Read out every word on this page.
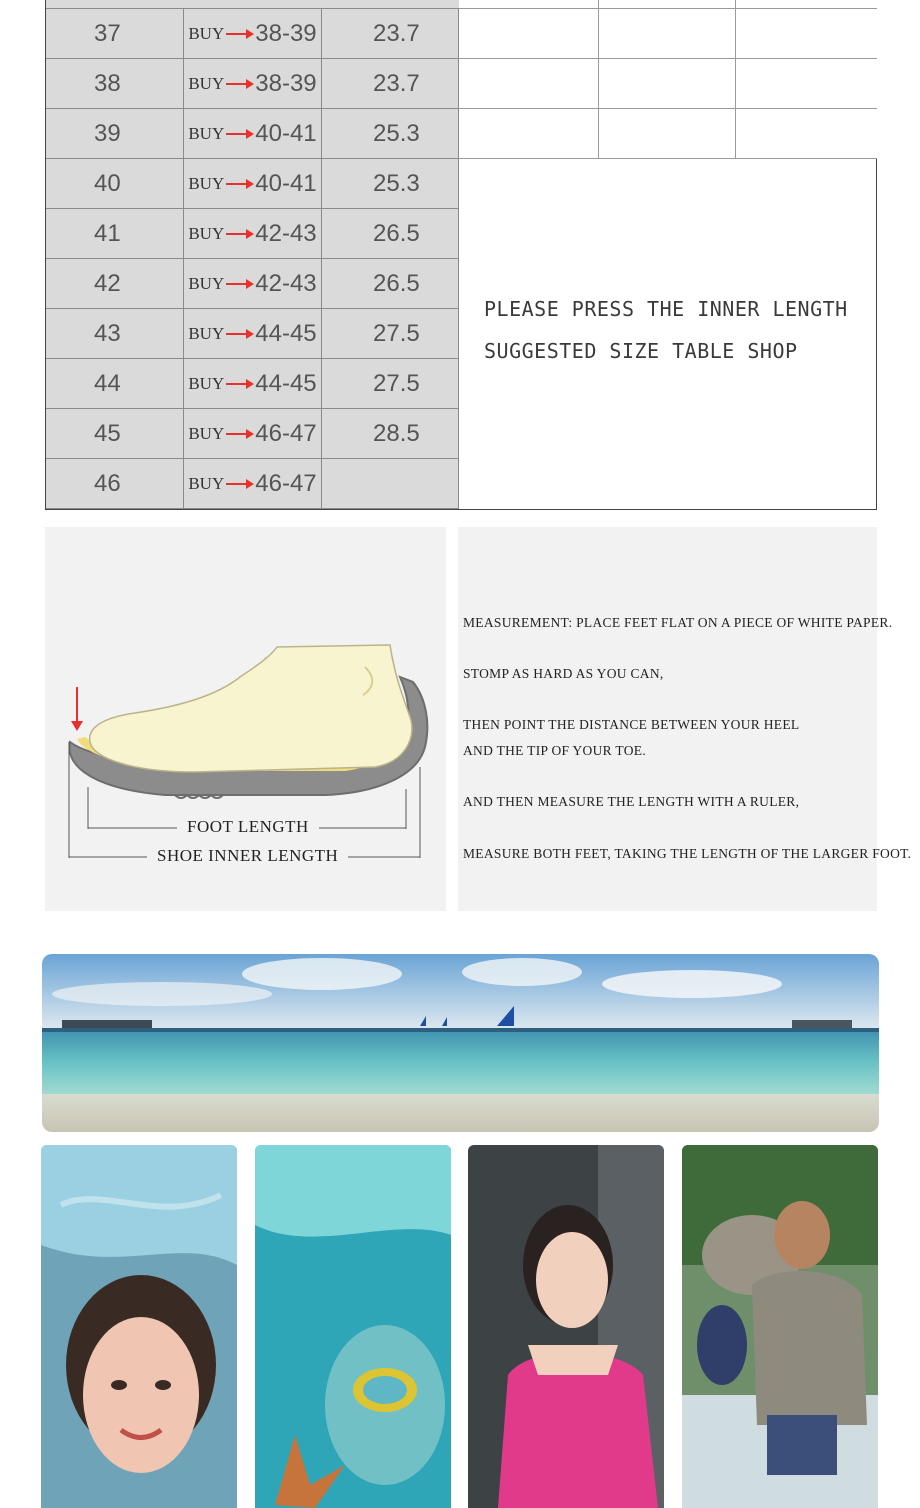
37	BUY 38-39	23.7
38	BUY 38-39	23.7
39	BUY 40-41	25.3
40	BUY 40-41	25.3
41	BUY 42-43	26.5
42	BUY 42-43	26.5
43	BUY 44-45	27.5
44	BUY 44-45	27.5
45	BUY 46-47	28.5
46	BUY 46-47
PLEASE PRESS THE INNER LENGTH
SUGGESTED SIZE TABLE SHOP
FOOT LENGTH
SHOE INNER LENGTH

MEASUREMENT: PLACE FEET FLAT ON A PIECE OF WHITE PAPER.

STOMP AS HARD AS YOU CAN,

THEN POINT THE DISTANCE BETWEEN YOUR HEEL

AND THE TIP OF YOUR TOE.

AND THEN MEASURE THE LENGTH WITH A RULER,

MEASURE BOTH FEET, TAKING THE LENGTH OF THE LARGER FOOT.
